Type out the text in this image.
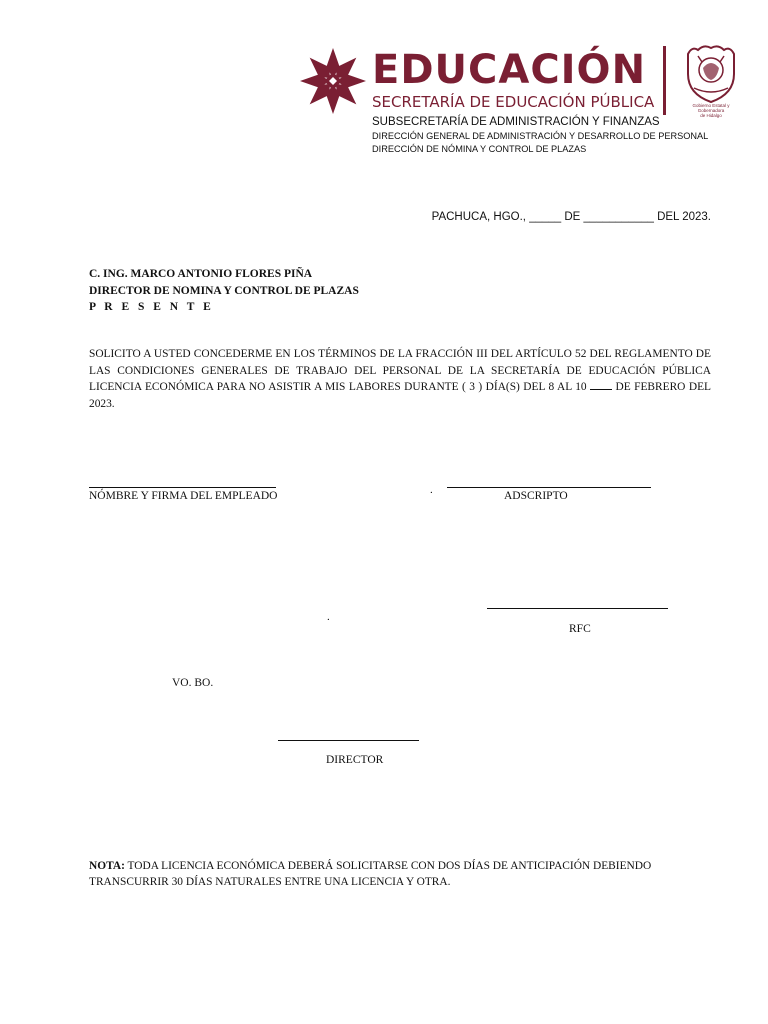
EDUCACIÓN
SECRETARÍA DE EDUCACIÓN PÚBLICA
SUBSECRETARÍA DE ADMINISTRACIÓN Y FINANZAS
DIRECCIÓN GENERAL DE ADMINISTRACIÓN Y DESARROLLO DE PERSONAL
DIRECCIÓN DE NÓMINA Y CONTROL DE PLAZAS
Gobierno Estatal y Gobernadora
de Hidalgo
PACHUCA, HGO., _____ DE ___________ DEL 2023.
C. ING. MARCO ANTONIO FLORES PIÑA
DIRECTOR DE NOMINA Y CONTROL DE PLAZAS
P R E S E N T E
SOLICITO A USTED CONCEDERME EN LOS TÉRMINOS DE LA FRACCIÓN III DEL ARTÍCULO 52 DEL REGLAMENTO DE LAS CONDICIONES GENERALES DE TRABAJO DEL PERSONAL DE LA SECRETARÍA DE EDUCACIÓN PÚBLICA LICENCIA ECONÓMICA PARA NO ASISTIR A MIS LABORES DURANTE ( 3 ) DÍA(S) DEL 8 AL 10  DE FEBRERO DEL 2023.
NÓMBRE Y FIRMA DEL EMPLEADO	.	ADSCRIPTO
.
RFC
VO. BO.
DIRECTOR
NOTA: TODA LICENCIA ECONÓMICA DEBERÁ SOLICITARSE CON DOS DÍAS DE ANTICIPACIÓN DEBIENDO TRANSCURRIR 30 DÍAS NATURALES ENTRE UNA LICENCIA Y OTRA.
